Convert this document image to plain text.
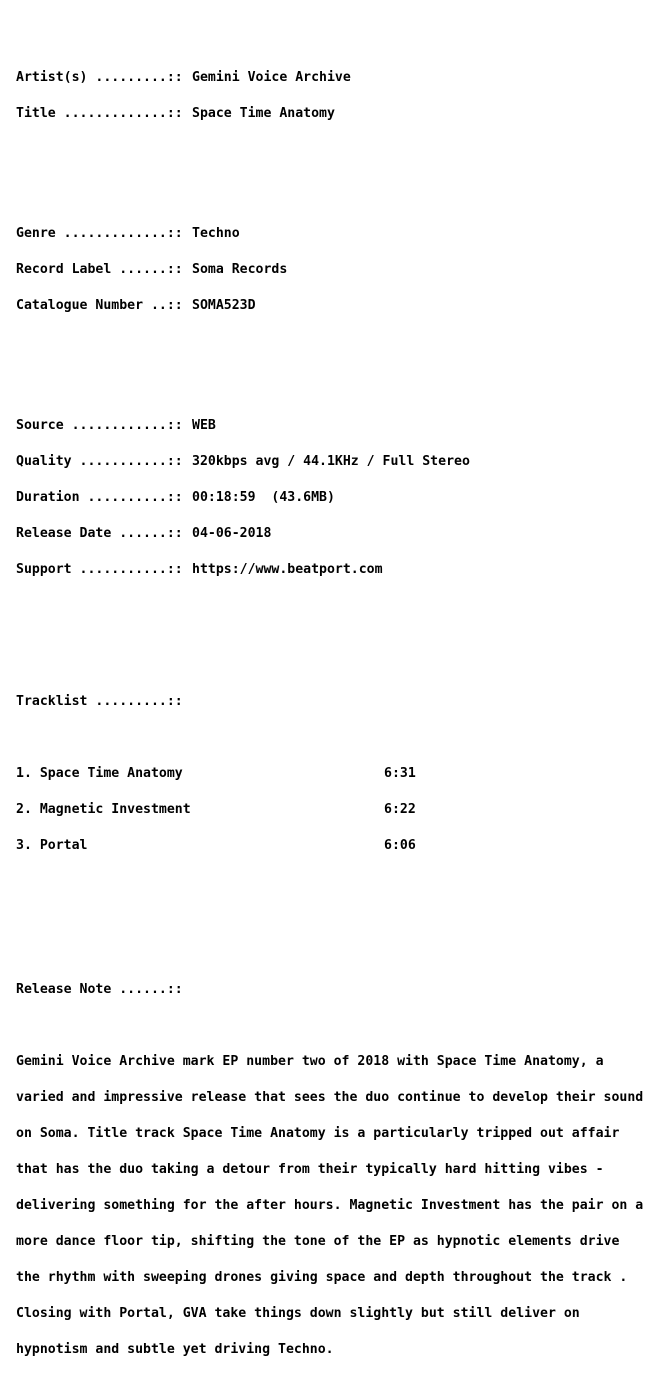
Artist(s) .........:: Gemini Voice Archive

Title .............:: Space Time Anatomy

Genre .............:: Techno

Record Label ......:: Soma Records

Catalogue Number ..:: SOMA523D

Source ............:: WEB

Quality ...........:: 320kbps avg / 44.1KHz / Full Stereo

Duration ..........:: 00:18:59  (43.6MB)

Release Date ......:: 04-06-2018

Support ...........:: https://www.beatport.com

Tracklist .........::

1. Space Time Anatomy	6:31

2. Magnetic Investment	6:22

3. Portal	6:06

Release Note ......::

Gemini Voice Archive mark EP number two of 2018 with Space Time Anatomy, a

varied and impressive release that sees the duo continue to develop their sound

on Soma. Title track Space Time Anatomy is a particularly tripped out affair

that has the duo taking a detour from their typically hard hitting vibes -

delivering something for the after hours. Magnetic Investment has the pair on a

more dance floor tip, shifting the tone of the EP as hypnotic elements drive

the rhythm with sweeping drones giving space and depth throughout the track .

Closing with Portal, GVA take things down slightly but still deliver on

hypnotism and subtle yet driving Techno.
